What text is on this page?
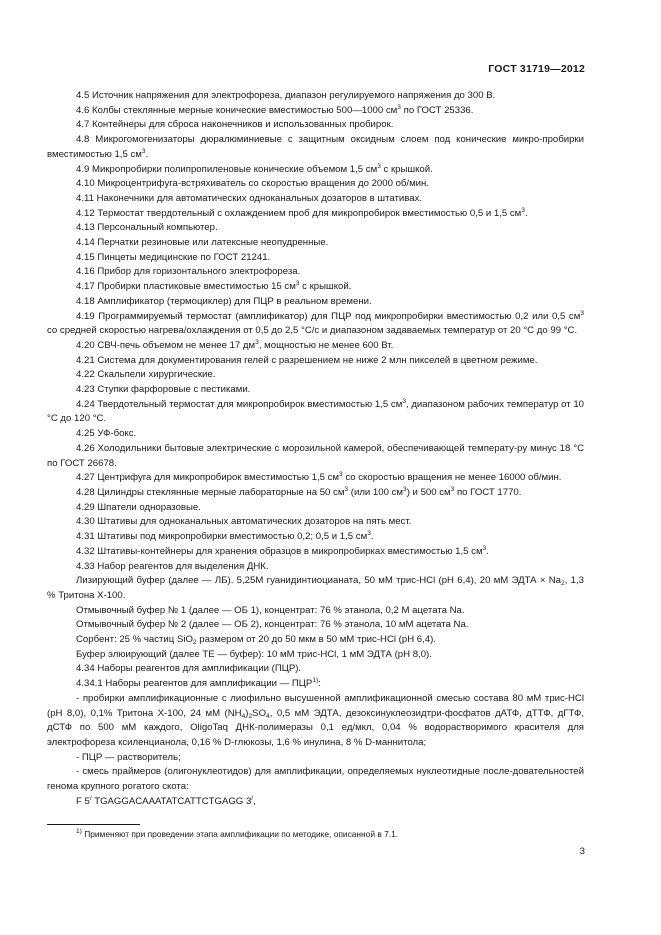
ГОСТ 31719—2012

4.5 Источник напряжения для электрофореза, диапазон регулируемого напряжения до 300 В.

4.6 Колбы стеклянные мерные конические вместимостью 500—1000 $см^3$ по ГОСТ 25336.

4.7 Контейнеры для сброса наконечников и использованных пробирок.

4.8 Микрогомогенизаторы дюралюминиевые с защитным оксидным слоем под конические микро-пробирки вместимостью 1,5 $см^3$.

4.9 Микропробирки полипропиленовые конические объемом 1,5 $см^3$ с крышкой.

4.10 Микроцентрифуга-встряхиватель со скоростью вращения до 2000 об/мин.

4.11 Наконечники для автоматических одноканальных дозаторов в штативах.

4.12 Термостат твердотельный с охлаждением проб для микропробирок вместимостью 0,5 и 1,5 $см^3$.

4.13 Персональный компьютер.

4.14 Перчатки резиновые или латексные неопудренные.

4.15 Пинцеты медицинские по ГОСТ 21241.

4.16 Прибор для горизонтального электрофореза.

4.17 Пробирки пластиковые вместимостью 15 $см^3$ с крышкой.

4.18 Амплификатор (термоциклер) для ПЦР в реальном времени.

4.19 Программируемый термостат (амплификатор) для ПЦР под микропробирки вместимостью 0,2 или 0,5 $см^3$ со средней скоростью нагрева/охлаждения от 0,5 до 2,5 °C/с и диапазоном задаваемых температур от 20 °C до 99 °C.

4.20 СВЧ-печь объемом не менее 17 $дм^3$, мощностью не менее 600 Вт.

4.21 Система для документирования гелей с разрешением не ниже 2 млн пикселей в цветном режиме.

4.22 Скальпели хирургические.

4.23 Ступки фарфоровые с пестиками.

4.24 Твердотельный термостат для микропробирок вместимостью 1,5 $см^3$, диапазоном рабочих температур от 10 °C до 120 °C.

4.25 УФ-бокс.

4.26 Холодильники бытовые электрические с морозильной камерой, обеспечивающей температу-ру минус 18 °C по ГОСТ 26678.

4.27 Центрифуга для микропробирок вместимостью 1,5 $см^3$ со скоростью вращения не менее 16000 об/мин.

4.28 Цилиндры стеклянные мерные лабораторные на 50 $см^3$ (или 100 $см^3$) и 500 $см^3$ по ГОСТ 1770.

4.29 Шпатели одноразовые.

4.30 Штативы для одноканальных автоматических дозаторов на пять мест.

4.31 Штативы под микропробирки вместимостью 0,2; 0,5 и 1,5 $см^3$.

4.32 Штативы-контейнеры для хранения образцов в микропробирках вместимостью 1,5 $см^3$.

4.33 Набор реагентов для выделения ДНК.

Лизирующий буфер (далее — ЛБ). 5,25М гуанидинтиоцианата, 50 мМ трис-HCl (pH 6,4), 20 мМ ЭДТА × $Na_2$, 1,3 % Тритона Х-100.

Отмывочный буфер № 1 (далее — ОБ 1), концентрат: 76 % этанола, 0,2 М ацетата Na.

Отмывочный буфер № 2 (далее — ОБ 2), концентрат: 76 % этанола, 10 мМ ацетата Na.

Сорбент: 25 % частиц SiO$_2$ размером от 20 до 50 мкм в 50 мМ трис-HCl (pH 6,4).

Буфер элюирующий (далее ТЕ — буфер): 10 мМ трис-HCl, 1 мМ ЭДТА (pH 8,0).

4.34 Наборы реагентов для амплификации (ПЦР).

4.34.1 Наборы реагентов для амплификации — ПЦР$^{1)}$:

- пробирки амплификационные с лиофильно высушенной амплификационной смесью состава 80 мМ трис-HCl (pH 8,0), 0,1% Тритона Х-100, 24 мМ $(NH_4)_2SO_4$, 0,5 мМ ЭДТА, дезоксинуклеозидтри-фосфатов дАТФ, дТТФ, дГТФ, дСТФ по 500 мМ каждого, OligoTaq ДНК-полимеразы 0,1 ед/мкл, 0,04 % водорастворимого красителя для электрофореза ксиленцианола, 0,16 % D-глюкозы, 1,6 % инулина, 8 % D-маннитола;

- ПЦР — растворитель;

- смесь праймеров (олигонуклеотидов) для амплификации, определяемых нуклеотидные после-довательностей генома крупного рогатого скота:

F 5/ TGAGGACAAATATCATTCTGAGG 3/,

$^{1)}$ Применяют при проведении этапа амплификации по методике, описанной в 7.1.
3
